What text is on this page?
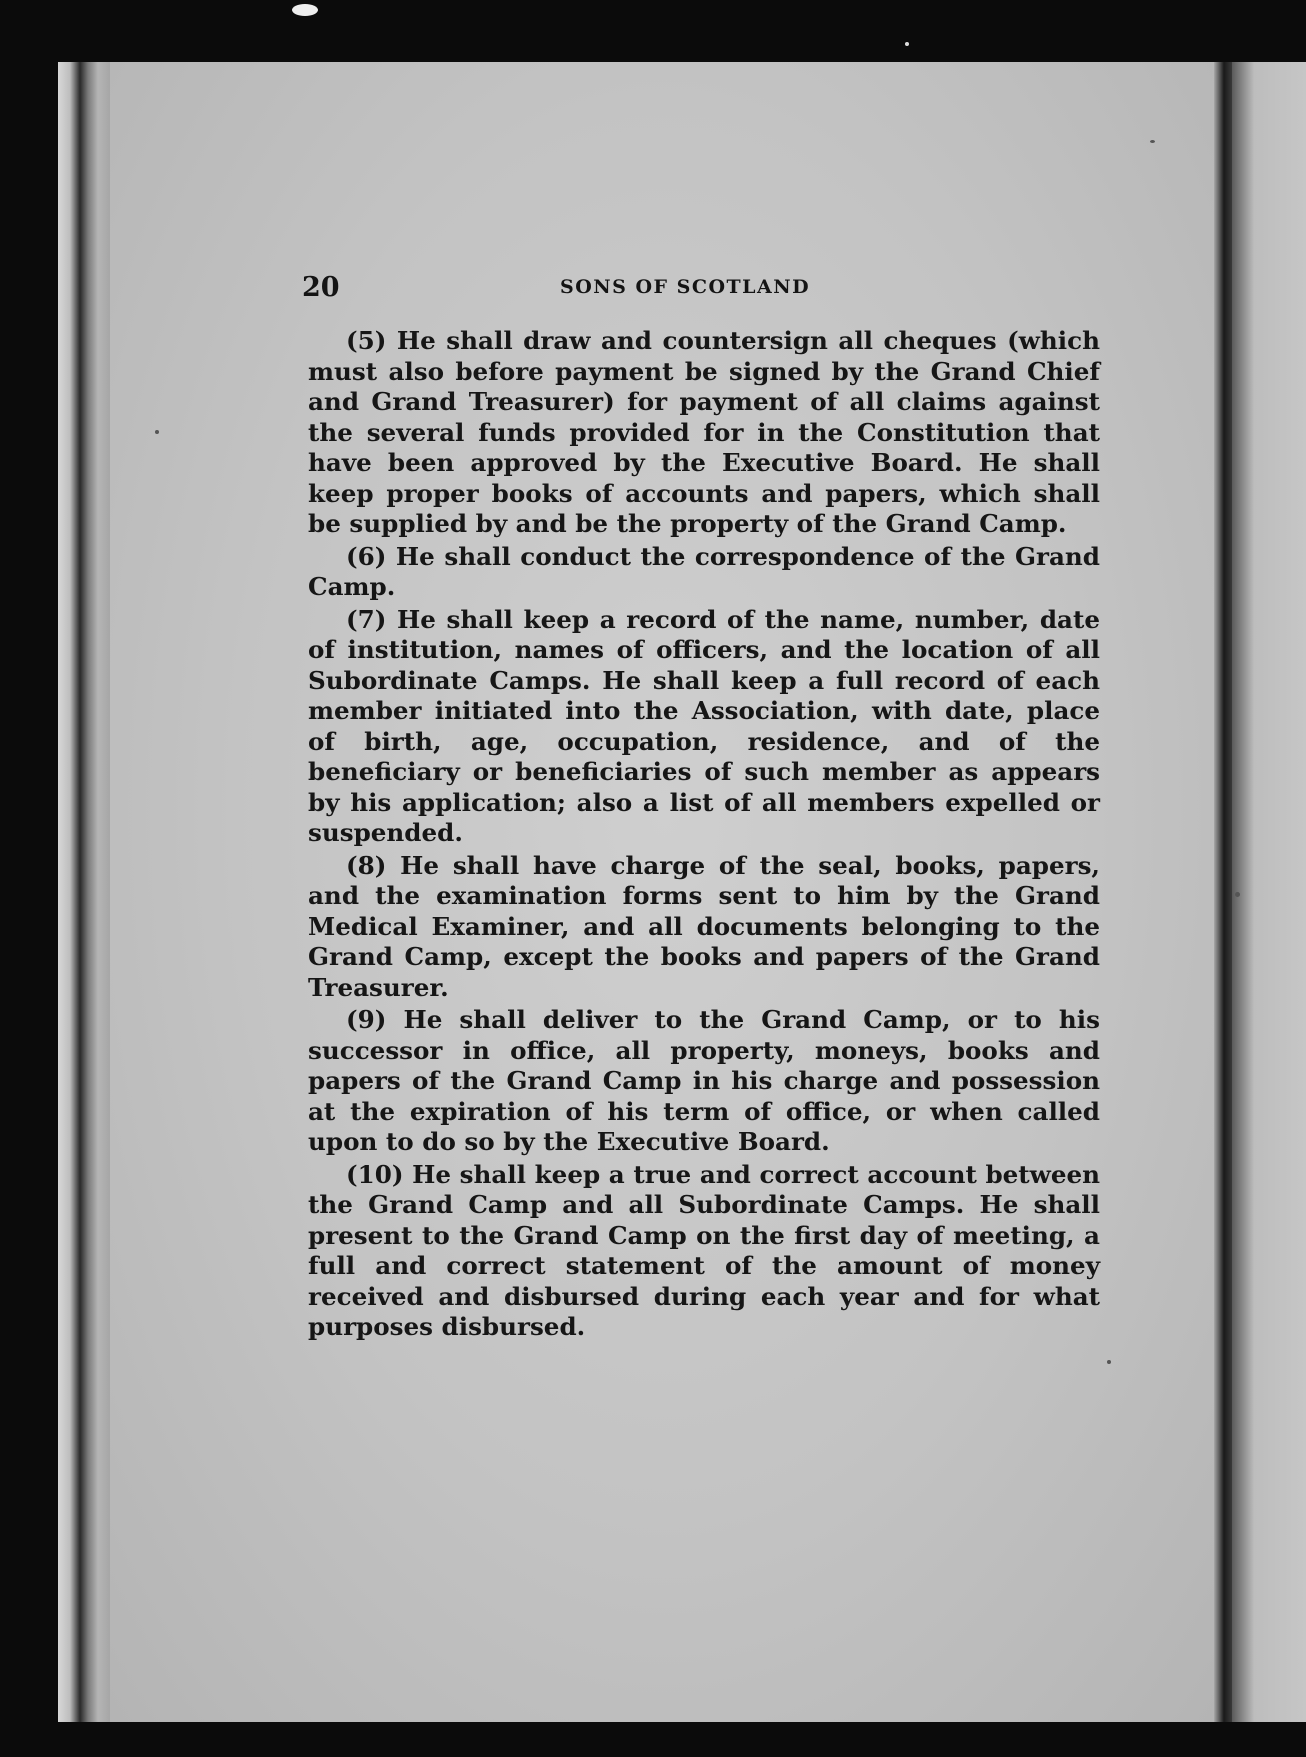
20	SONS OF SCOTLAND

(5) He shall draw and countersign all cheques (which must also before payment be signed by the Grand Chief and Grand Treasurer) for payment of all claims against the several funds provided for in the Constitution that have been approved by the Executive Board. He shall keep proper books of accounts and papers, which shall be supplied by and be the property of the Grand Camp.

(6) He shall conduct the correspondence of the Grand Camp.

(7) He shall keep a record of the name, number, date of institution, names of officers, and the location of all Subordinate Camps. He shall keep a full record of each member initiated into the Association, with date, place of birth, age, occupation, residence, and of the beneficiary or beneficiaries of such member as appears by his application; also a list of all members expelled or suspended.

(8) He shall have charge of the seal, books, papers, and the examination forms sent to him by the Grand Medical Examiner, and all documents belonging to the Grand Camp, except the books and papers of the Grand Treasurer.

(9) He shall deliver to the Grand Camp, or to his successor in office, all property, moneys, books and papers of the Grand Camp in his charge and possession at the expiration of his term of office, or when called upon to do so by the Executive Board.

(10) He shall keep a true and correct account between the Grand Camp and all Subordinate Camps. He shall present to the Grand Camp on the first day of meeting, a full and correct statement of the amount of money received and disbursed during each year and for what purposes disbursed.
